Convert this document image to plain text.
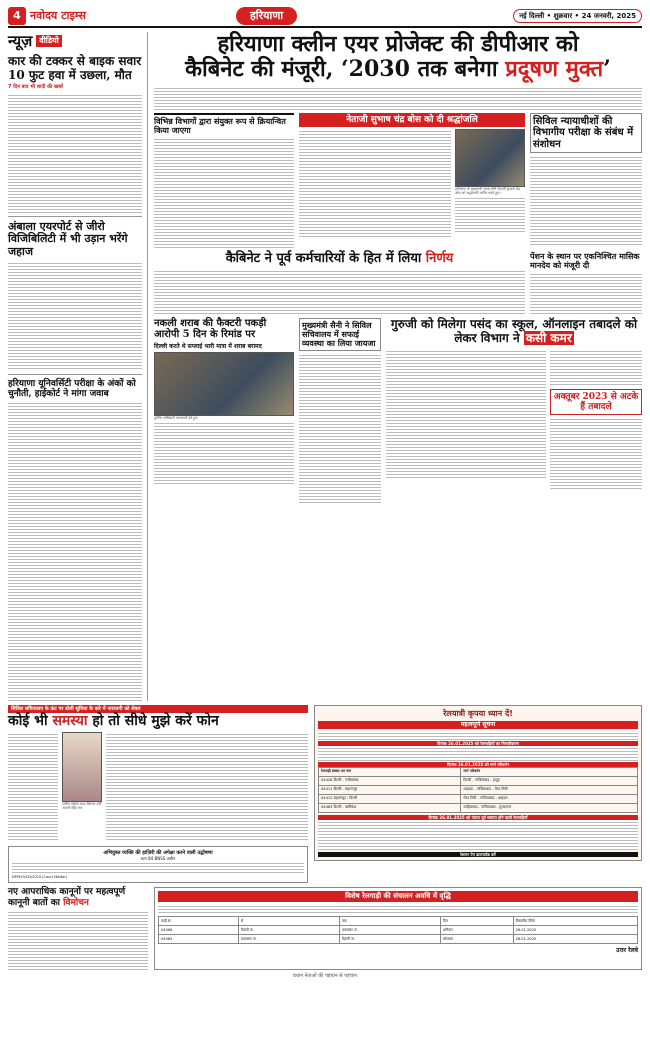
4 नवोदय टाइम्स	हरियाणा	नई दिल्ली • शुक्रवार • 24 जनवरी, 2025
न्यूज़ वीडियो
कार की टक्कर से बाइक सवार 10 फुट हवा में उछला, मौत
7 दिन बाद भी शादी की खबरें
अंबाला एयरपोर्ट से जीरो विजिबिलिटी में भी उड़ान भरेंगे जहाज
हरियाणा यूनिवर्सिटी परीक्षा के अंकों को चुनौती, हाईकोर्ट ने मांगा जवाब
हरियाणा क्लीन एयर प्रोजेक्ट की डीपीआर को
कैबिनेट की मंजूरी, ‘2030 तक बनेगा प्रदूषण मुक्त’
विभिन्न विभागों द्वारा संयुक्त रूप से क्रियान्वित किया जाएगा
नेताजी सुभाष चंद्र बोस को दी श्रद्धांजलि
हरियाणा के मुख्यमंत्री नायब सैनी नेताजी सुभाष चंद्र बोस को श्रद्धांजलि अर्पित करते हुए।
सिविल न्यायाधीशों की विभागीय परीक्षा के संबंध में संशोधन
कैबिनेट ने पूर्व कर्मचारियों के हित में लिया निर्णय	पेंशन के स्थान पर एकनिश्चित मासिक मानदेय को मंजूरी दी
नकली शराब की फैक्टरी पकड़ी आरोपी 5 दिन के रिमांड पर
दिल्ली करते थे सप्लाई भारी मात्रा में शराब बरामद
पुलिस अधिकारी जानकारी देते हुए।
मुख्यमंत्री सैनी ने सिविल सचिवालय में सफाई व्यवस्था का लिया जायजा
गुरुजी को मिलेगा पसंद का स्कूल, ऑनलाइन तबादले को लेकर विभाग ने कसी कमर
अक्तूबर 2023 से अटके हैं तबादले
सिविल सचिवालय के फ्रंट पर डोली सुविधा के बारे में नाराजगी को लेकर
कोई भी समस्या हो तो सीधे मुझे करें फोन
सचिव महिला बाल विकास मंत्री आरती सिंह राव
अभियुक्त व्यक्ति की हाज़िरी की अपेक्षा करने वाली उद्घोषणा
धारा 84 BNSS अधीन
DP/929/CD/2025 (Court Matter)
रेलयात्री कृपया ध्यान दें!
महत्वपूर्ण सूचना
दिनांक 26.01.2025 को रेलगाड़ियों का निरस्तीकरण
दिनांक 26.01.2025 को मार्ग परिवर्तन
रेलगाड़ी संख्या एवं नाम	मार्ग परिवर्तन
04426 दिल्ली - नजीबाबाद	दिल्ली - गाजियाबाद - हापुड़
04411 दिल्ली - सहारनपुर	शाहदरा - गाजियाबाद - मेरठ सिटी
04412 सहारनपुर - दिल्ली	मेरठ सिटी - गाजियाबाद - शाहदरा
04463 दिल्ली - ऋषिकेश	साहिबाबाद - गाजियाबाद - मुरादनगर
दिनांक 26.01.2025 को गंतव्य पूर्व समाप्त होने वाली रेलगाड़ियाँ
रेलवन ऐप डाउनलोड करें
नए आपराधिक कानूनों पर महत्वपूर्ण कानूनी बातों का विमोचन
विशेष रेलगाड़ी की संचालन अवधि में वृद्धि
गाड़ी सं.	से	तक	दिन	विस्तारित तिथि
04066	दिल्ली जं.	फ़राक्का जं.	शनिवार	26.01.2025
04065	फ़राक्का जं.	दिल्ली जं.	सोमवार	28.01.2025
उत्तर रेलवे
प्रधान नेताओं की पहचान से पहचान
